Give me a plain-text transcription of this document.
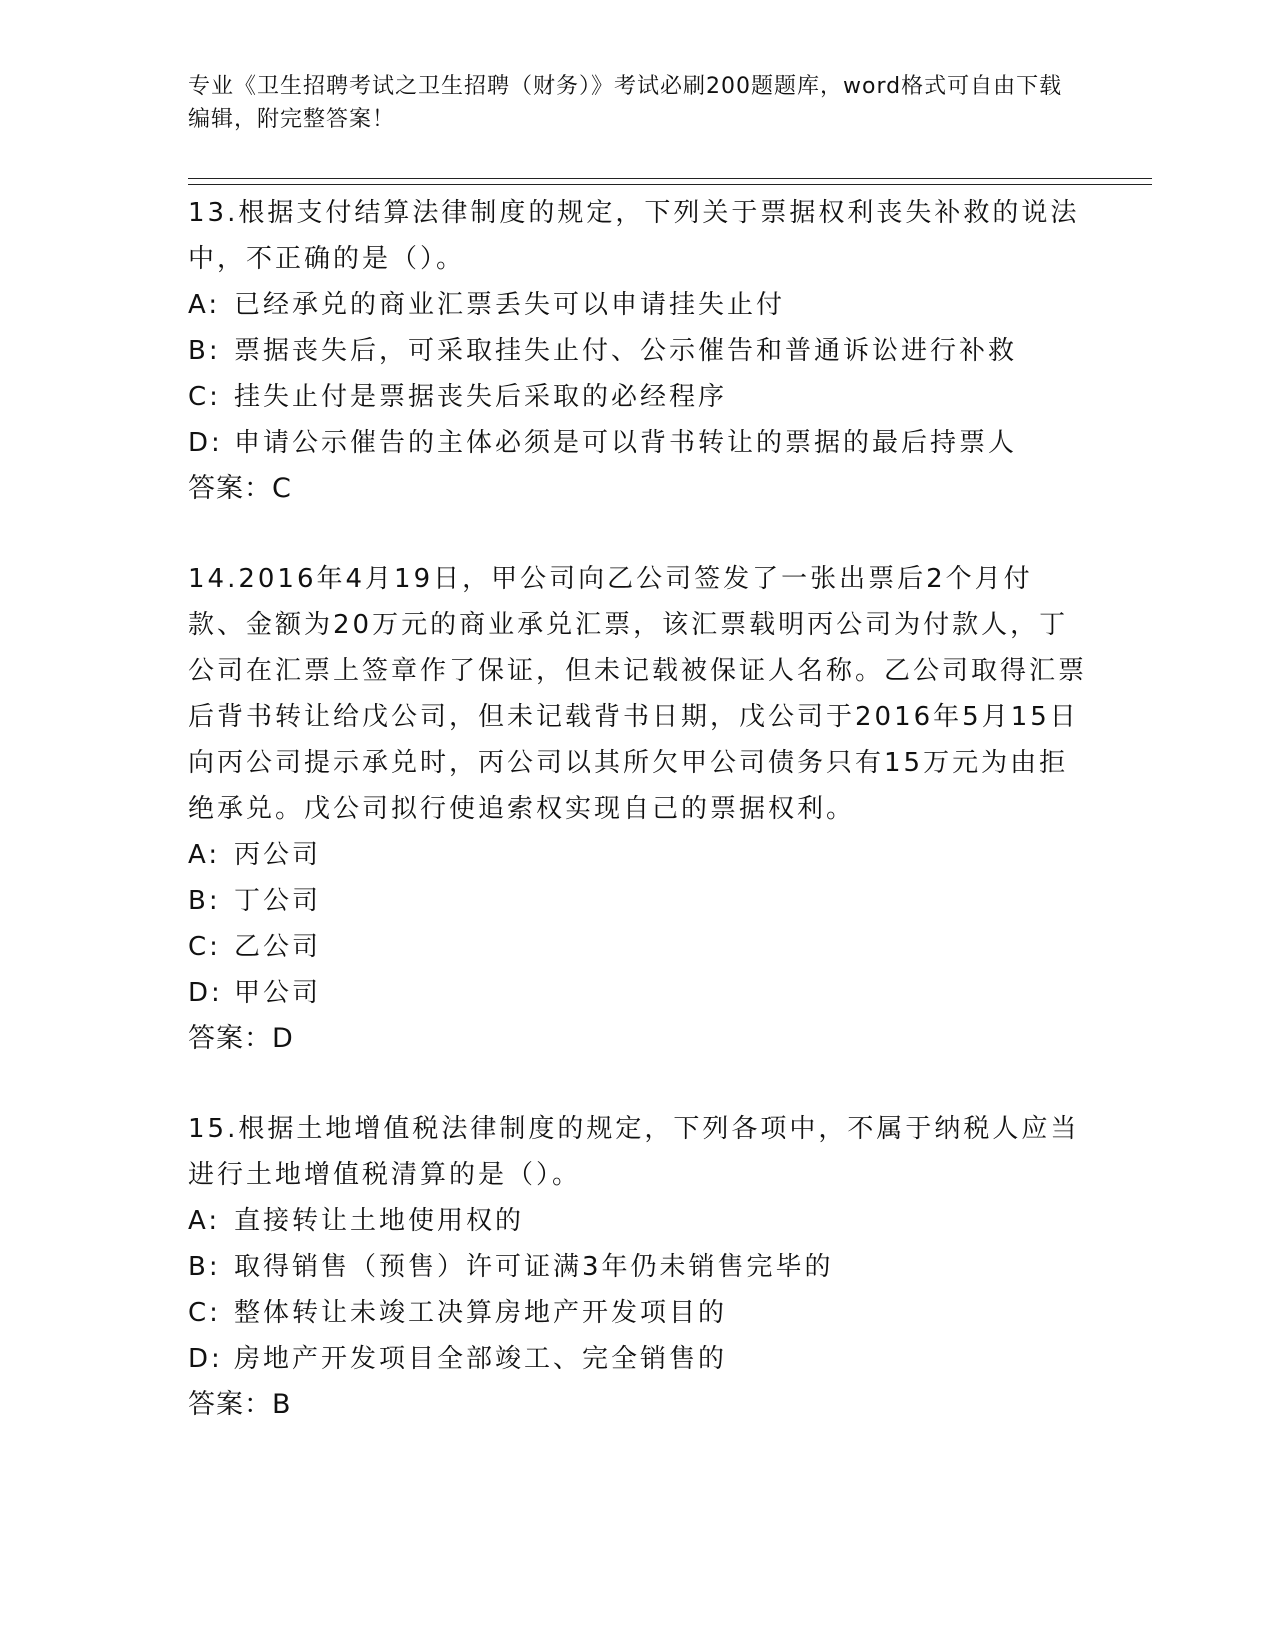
专业《卫生招聘考试之卫生招聘（财务）》考试必刷200题题库，word格式可自由下载编辑，附完整答案！
13.根据支付结算法律制度的规定，下列关于票据权利丧失补救的说法中，不正确的是（）。
A: 已经承兑的商业汇票丢失可以申请挂失止付
B: 票据丧失后，可采取挂失止付、公示催告和普通诉讼进行补救
C: 挂失止付是票据丧失后采取的必经程序
D: 申请公示催告的主体必须是可以背书转让的票据的最后持票人
答案：C
14.2016年4月19日，甲公司向乙公司签发了一张出票后2个月付款、金额为20万元的商业承兑汇票，该汇票载明丙公司为付款人，丁公司在汇票上签章作了保证，但未记载被保证人名称。乙公司取得汇票后背书转让给戊公司，但未记载背书日期，戊公司于2016年5月15日向丙公司提示承兑时，丙公司以其所欠甲公司债务只有15万元为由拒绝承兑。戊公司拟行使追索权实现自己的票据权利。
A: 丙公司
B: 丁公司
C: 乙公司
D: 甲公司
答案：D
15.根据土地增值税法律制度的规定，下列各项中，不属于纳税人应当进行土地增值税清算的是（）。
A: 直接转让土地使用权的
B: 取得销售（预售）许可证满3年仍未销售完毕的
C: 整体转让未竣工决算房地产开发项目的
D: 房地产开发项目全部竣工、完全销售的
答案：B
